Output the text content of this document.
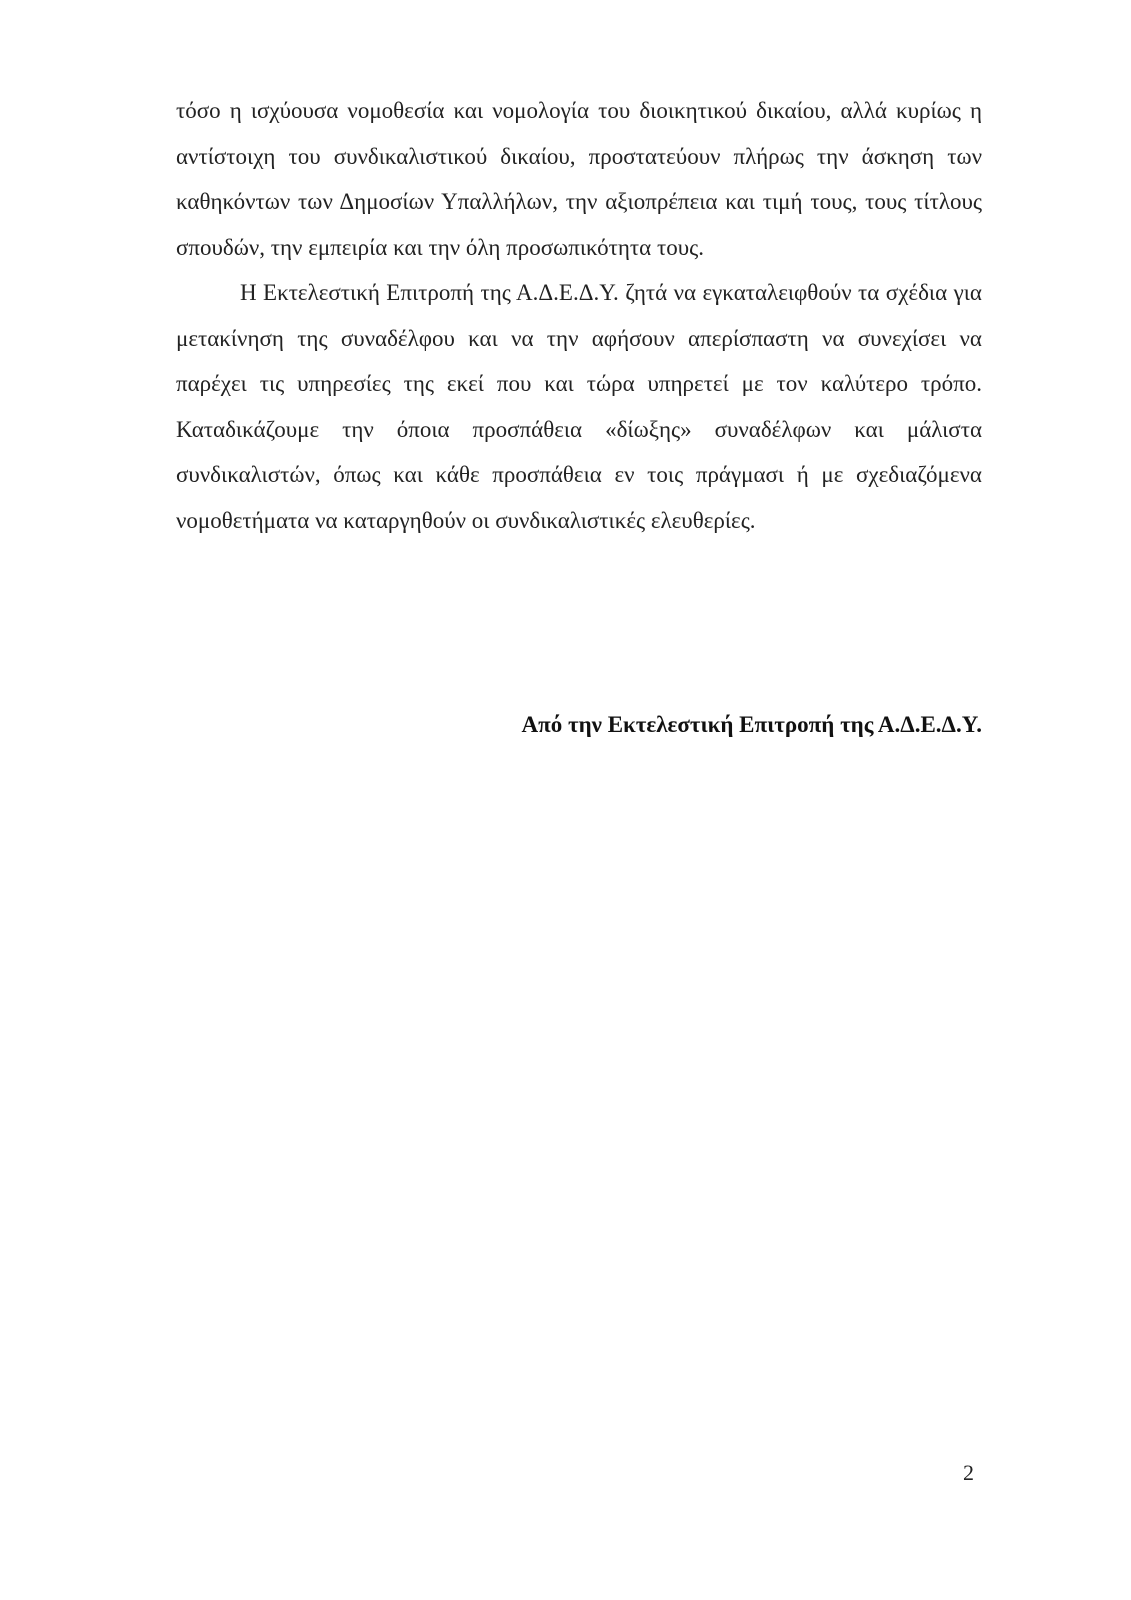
τόσο η ισχύουσα νομοθεσία και νομολογία του διοικητικού δικαίου, αλλά κυρίως η αντίστοιχη του συνδικαλιστικού δικαίου, προστατεύουν πλήρως την άσκηση των καθηκόντων των Δημοσίων Υπαλλήλων, την αξιοπρέπεια και τιμή τους, τους τίτλους σπουδών, την εμπειρία και την όλη προσωπικότητα τους.

Η Εκτελεστική Επιτροπή της Α.Δ.Ε.Δ.Υ. ζητά να εγκαταλειφθούν τα σχέδια για μετακίνηση της συναδέλφου και να την αφήσουν απερίσπαστη να συνεχίσει να παρέχει τις υπηρεσίες της εκεί που και τώρα υπηρετεί με τον καλύτερο τρόπο. Καταδικάζουμε την όποια προσπάθεια «δίωξης» συναδέλφων και μάλιστα συνδικαλιστών, όπως και κάθε προσπάθεια εν τοις πράγμασι ή με σχεδιαζόμενα νομοθετήματα να καταργηθούν οι συνδικαλιστικές ελευθερίες.

Από την Εκτελεστική Επιτροπή της Α.Δ.Ε.Δ.Υ.
2
